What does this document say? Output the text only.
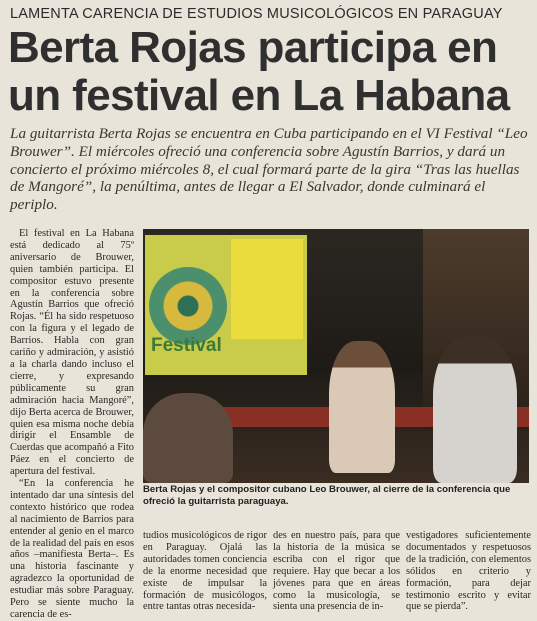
LAMENTA CARENCIA DE ESTUDIOS MUSICOLÓGICOS EN PARAGUAY
Berta Rojas participa en un festival en La Habana
La guitarrista Berta Rojas se encuentra en Cuba participando en el VI Festival “Leo Brouwer”. El miércoles ofreció una conferencia sobre Agustín Barrios, y dará un concierto el próximo miércoles 8, el cual formará parte de la gira “Tras las huellas de Mangoré”, la penúltima, antes de llegar a El Salvador, donde culminará el periplo.

El festival en La Habana está dedicado al 75º aniversario de Brouwer, quien también participa. El compositor estuvo presente en la conferencia sobre Agustín Barrios que ofreció Rojas. “Él ha sido respetuoso con la figura y el legado de Barrios. Habla con gran cariño y admiración, y asistió a la charla dando incluso el cierre, y expresando públicamente su gran admiración hacia Mangoré”, dijo Berta acerca de Brouwer, quien esa misma noche debía dirigir el Ensamble de Cuerdas que acompañó a Fito Páez en el concierto de apertura del festival.

“En la conferencia he intentado dar una síntesis del contexto histórico que rodea al nacimiento de Barrios para entender al genio en el marco de la realidad del país en esos años –manifiesta Berta–. Es una historia fascinante y agradezco la oportunidad de estudiar más sobre Paraguay. Pero se siente mucho la carencia de es-

Festival
Berta Rojas y el compositor cubano Leo Brouwer, al cierre de la conferencia que ofreció la guitarrista paraguaya.
tudios musicológicos de rigor en Paraguay. Ojalá las autoridades tomen conciencia de la enorme necesidad que existe de impulsar la formación de musicólogos, entre tantas otras necesida-
des en nuestro país, para que la historia de la música se escriba con el rigor que requiere. Hay que becar a los jóvenes para que en áreas como la musicología, se sienta una presencia de in-
vestigadores suficientemente documentados y respetuosos de la tradición, con elementos sólidos en criterio y formación, para dejar testimonio escrito y evitar que se pierda”.
